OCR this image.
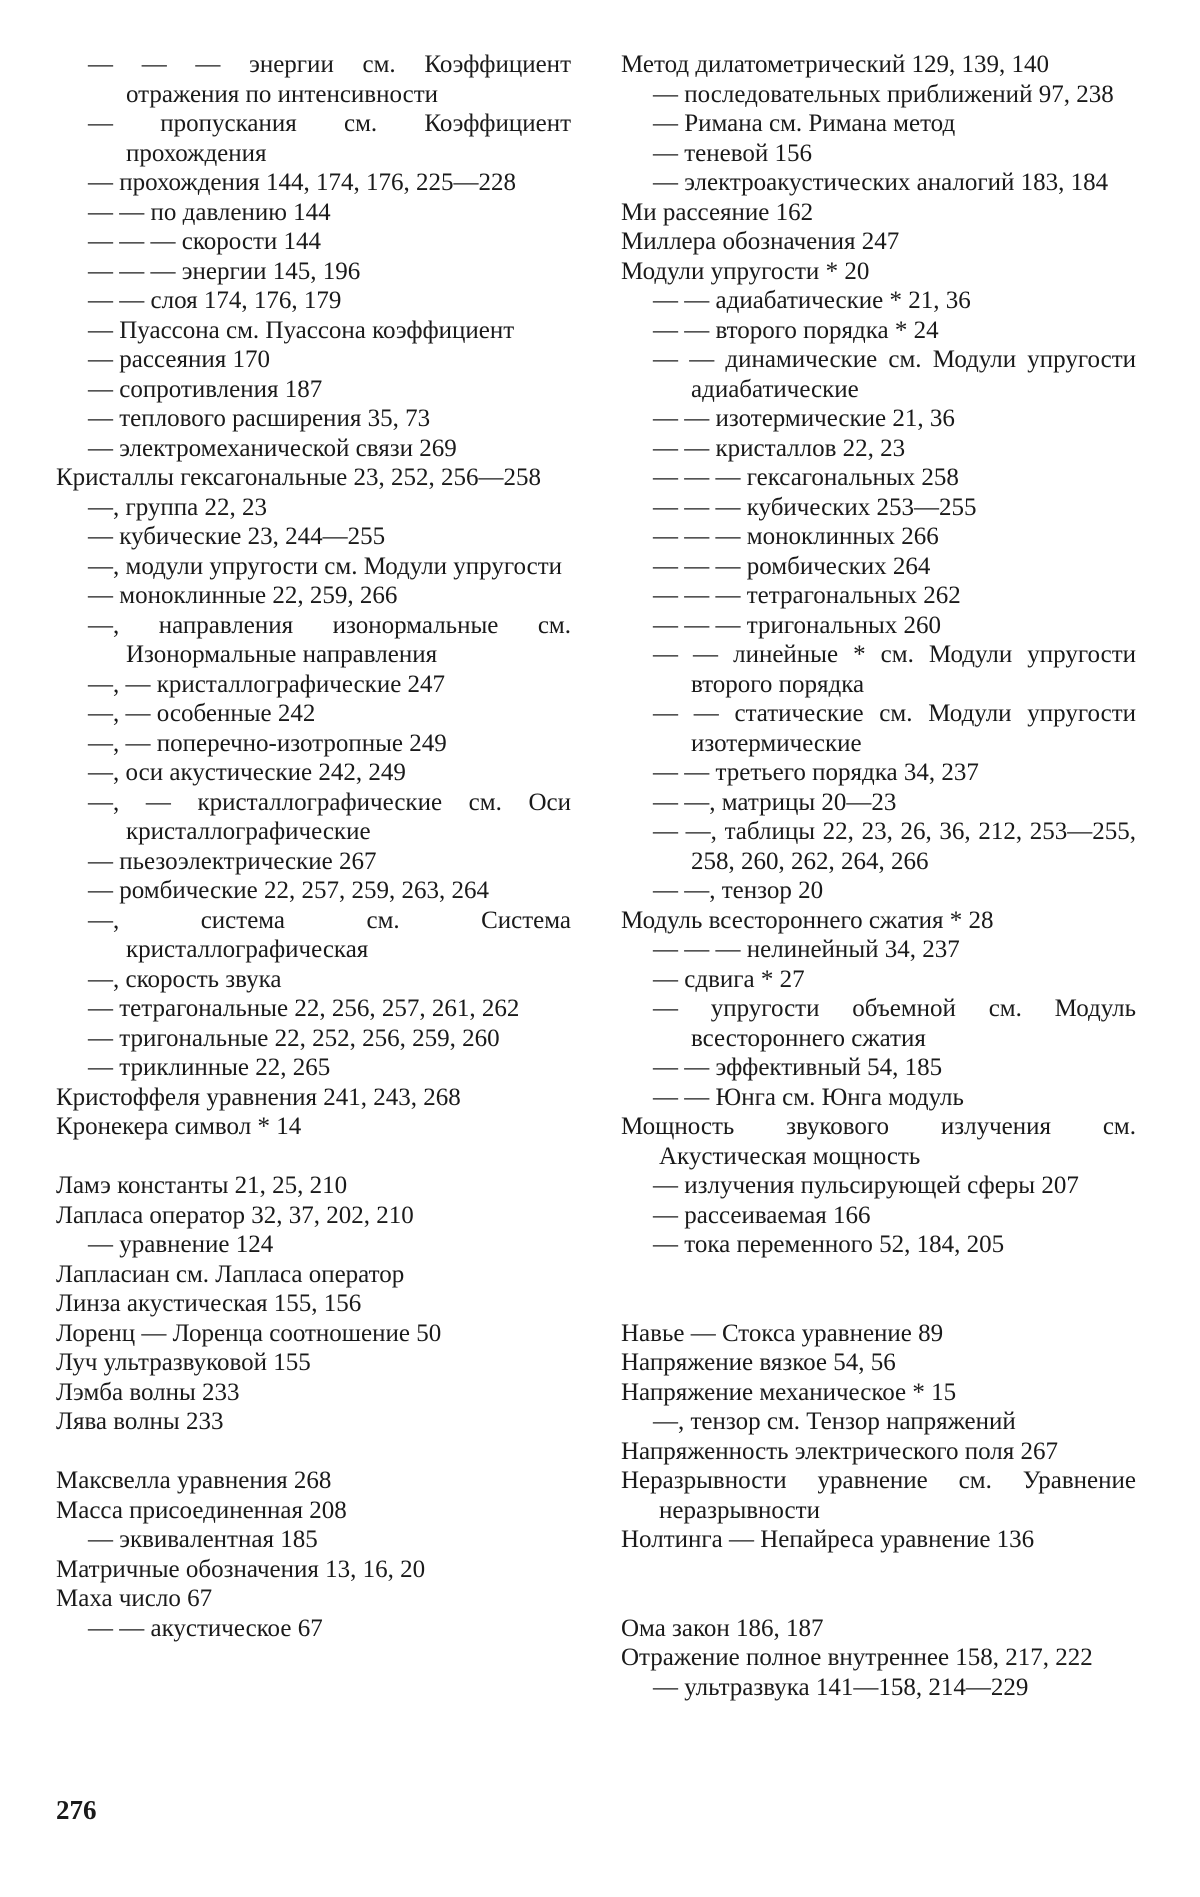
— — — энергии см. Коэффициент отражения по интенсивности
— пропускания см. Коэффициент прохождения
— прохождения 144, 174, 176, 225—228
— — по давлению 144
— — — скорости 144
— — — энергии 145, 196
— — слоя 174, 176, 179
— Пуассона см. Пуассона коэффициент
— рассеяния 170
— сопротивления 187
— теплового расширения 35, 73
— электромеханической связи 269
Кристаллы гексагональные 23, 252, 256—258
—, группа 22, 23
— кубические 23, 244—255
—, модули упругости см. Модули упругости
— моноклинные 22, 259, 266
—, направления изонормальные см. Изонормальные направления
—, — кристаллографические 247
—, — особенные 242
—, — поперечно-изотропные 249
—, оси акустические 242, 249
—, — кристаллографические см. Оси кристаллографические
— пьезоэлектрические 267
— ромбические 22, 257, 259, 263, 264
—, система см. Система кристаллографическая
—, скорость звука
— тетрагональные 22, 256, 257, 261, 262
— тригональные 22, 252, 256, 259, 260
— триклинные 22, 265
Кристоффеля уравнения 241, 243, 268
Кронекера символ * 14
Ламэ константы 21, 25, 210
Лапласа оператор 32, 37, 202, 210
— уравнение 124
Лапласиан см. Лапласа оператор
Линза акустическая 155, 156
Лоренц — Лоренца соотношение 50
Луч ультразвуковой 155
Лэмба волны 233
Лява волны 233
Максвелла уравнения 268
Масса присоединенная 208
— эквивалентная 185
Матричные обозначения 13, 16, 20
Маха число 67
— — акустическое 67
Метод дилатометрический 129, 139, 140
— последовательных приближений 97, 238
— Римана см. Римана метод
— теневой 156
— электроакустических аналогий 183, 184
Ми рассеяние 162
Миллера обозначения 247
Модули упругости * 20
— — адиабатические * 21, 36
— — второго порядка * 24
— — динамические см. Модули упругости адиабатические
— — изотермические 21, 36
— — кристаллов 22, 23
— — — гексагональных 258
— — — кубических 253—255
— — — моноклинных 266
— — — ромбических 264
— — — тетрагональных 262
— — — тригональных 260
— — линейные * см. Модули упругости второго порядка
— — статические см. Модули упругости изотермические
— — третьего порядка 34, 237
— —, матрицы 20—23
— —, таблицы 22, 23, 26, 36, 212, 253—255, 258, 260, 262, 264, 266
— —, тензор 20
Модуль всестороннего сжатия * 28
— — — нелинейный 34, 237
— сдвига * 27
— упругости объемной см. Модуль всестороннего сжатия
— — эффективный 54, 185
— — Юнга см. Юнга модуль
Мощность звукового излучения см. Акустическая мощность
— излучения пульсирующей сферы 207
— рассеиваемая 166
— тока переменного 52, 184, 205
Навье — Стокса уравнение 89
Напряжение вязкое 54, 56
Напряжение механическое * 15
—, тензор см. Тензор напряжений
Напряженность электрического поля 267
Неразрывности уравнение см. Уравнение неразрывности
Нолтинга — Непайреса уравнение 136
Ома закон 186, 187
Отражение полное внутреннее 158, 217, 222
— ультразвука 141—158, 214—229
276
